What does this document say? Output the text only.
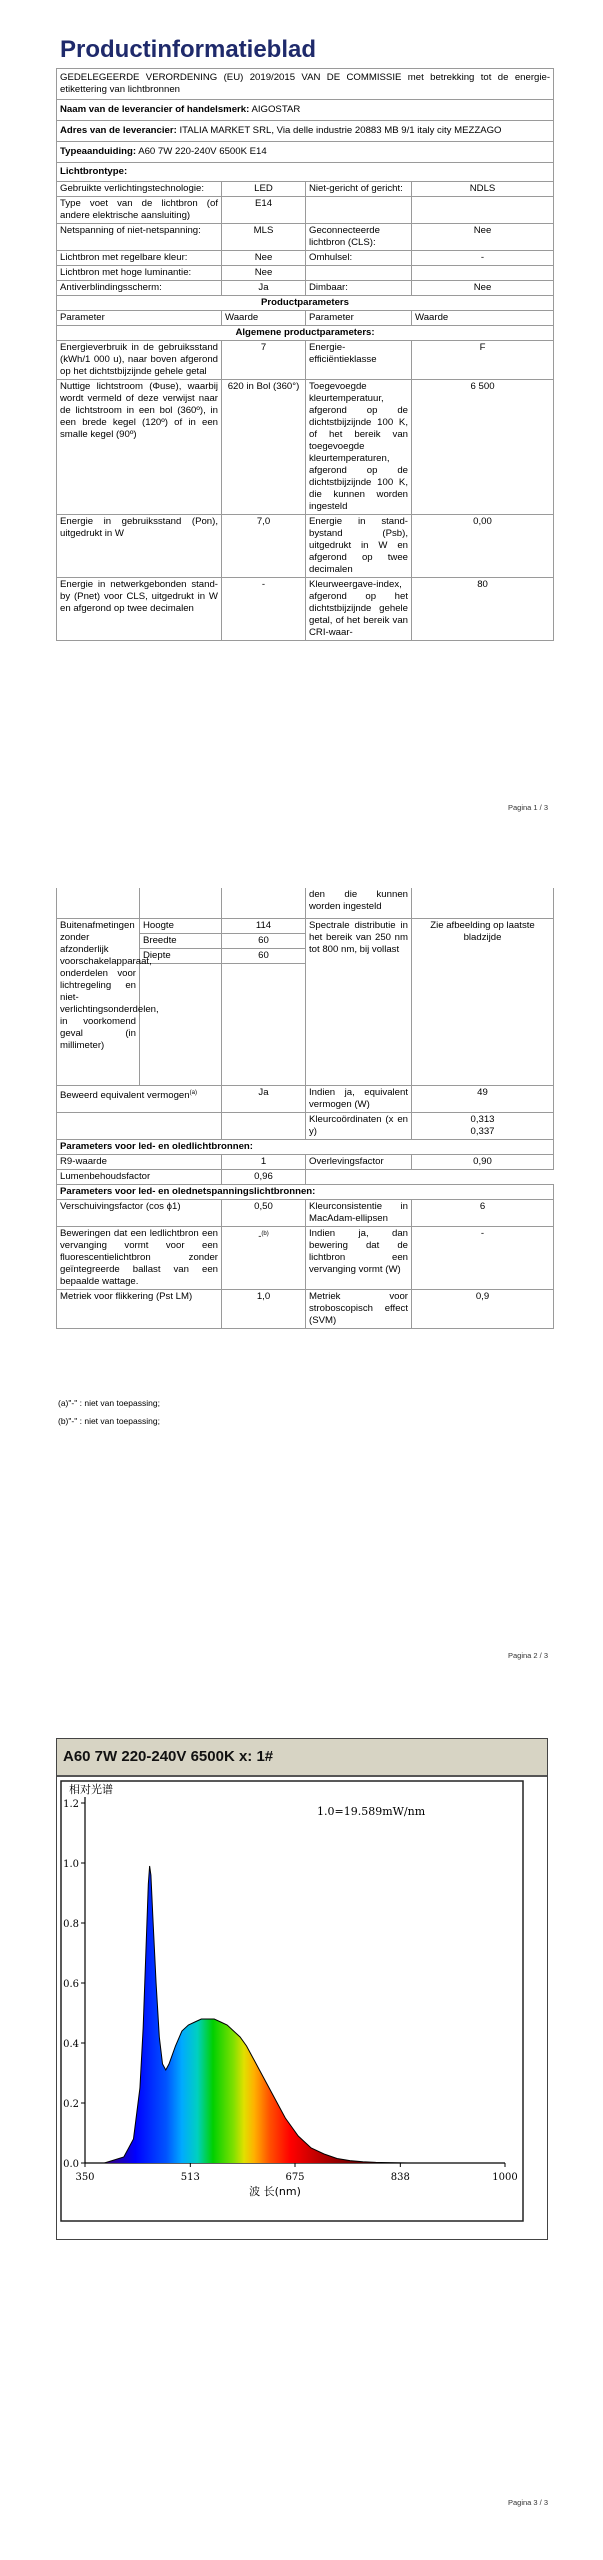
Productinformatieblad
GEDELEGEERDE VERORDENING (EU) 2019/2015 VAN DE COMMISSIE met betrekking tot de energie-etikettering van lichtbronnen			
Naam van de leverancier of handelsmerk: AIGOSTAR			
Adres van de leverancier: ITALIA MARKET SRL, Via delle industrie 20883 MB 9/1 italy city MEZZAGO			
Typeaanduiding: A60 7W 220-240V 6500K E14			
Lichtbrontype:			
Gebruikte verlichtingstechnologie:	LED	Niet-gericht of gericht:	NDLS
Type voet van de lichtbron (of andere elektrische aansluiting)	E14		
Netspanning of niet-netspanning:	MLS	Geconnecteerde lichtbron (CLS):	Nee
Lichtbron met regelbare kleur:	Nee	Omhulsel:	-
Lichtbron met hoge luminantie:	Nee		
Antiverblindingsscherm:	Ja	Dimbaar:	Nee
Productparameters			
Parameter	Waarde	Parameter	Waarde
Algemene productparameters:			
Energieverbruik in de gebruiksstand (kWh/1 000 u), naar boven afgerond op het dichtstbijzijnde gehele getal	7	Energie-efficiëntieklasse	F
Nuttige lichtstroom (Φuse), waarbij wordt vermeld of deze verwijst naar de lichtstroom in een bol (360º), in een brede kegel (120º) of in een smalle kegel (90º)	620 in Bol (360°)	Toegevoegde kleurtemperatuur, afgerond op de dichtstbijzijnde 100 K, of het bereik van toegevoegde kleurtemperaturen, afgerond op de dichtstbijzijnde 100 K, die kunnen worden ingesteld	6 500
Energie in gebruiksstand (Pon), uitgedrukt in W	7,0	Energie in stand-bystand (Psb), uitgedrukt in W en afgerond op twee decimalen	0,00
Energie in netwerkgebonden stand-by (Pnet) voor CLS, uitgedrukt in W en afgerond op twee decimalen	-	Kleurweergave-index, afgerond op het dichtstbijzijnde gehele getal, of het bereik van CRI-waar-	80
Pagina 1 / 3
			den die kunnen worden ingesteld	
Buitenafmetingen zonder afzonderlijk voorschakelapparaat, onderdelen voor lichtregeling en niet-verlichtingsonderdelen, in voorkomend geval (in millimeter)	Hoogte	114	Spectrale distributie in het bereik van 250 nm tot 800 nm, bij vollast	Zie afbeelding op laatste bladzijde
	Breedte	60		
	Diepte	60		

Beweerd equivalent vermogen$^{(a)}$		Ja	Indien ja, equivalent vermogen (W)	49
			Kleurcoördinaten (x en y)	0,313
0,337

Parameters voor led- en oledlichtbronnen:				
R9-waarde		1	Overlevingsfactor	0,90
Lumenbehoudsfactor		0,96		
Parameters voor led- en olednetspanningslichtbronnen:				
Verschuivingsfactor (cos ϕ1)		0,50	Kleurconsistentie in MacAdam-ellipsen	6
Beweringen dat een ledlichtbron een vervanging vormt voor een fluorescentielichtbron zonder geïntegreerde ballast van een bepaalde wattage.		-$^{(b)}$	Indien ja, dan bewering dat de lichtbron een vervanging vormt (W)	-
Metriek voor flikkering (Pst LM)		1,0	Metriek voor stroboscopisch effect (SVM)	0,9
(a)"-" : niet van toepassing;
(b)"-" : niet van toepassing;
Pagina 2 / 3
A60 7W 220-240V 6500K x: 1#
0.0
0.2
0.4
0.6
0.8
1.0
1.2
350	513	675	838	1000
相对光谱
1.0=19.589mW/nm
波 长(nm)
Pagina 3 / 3
